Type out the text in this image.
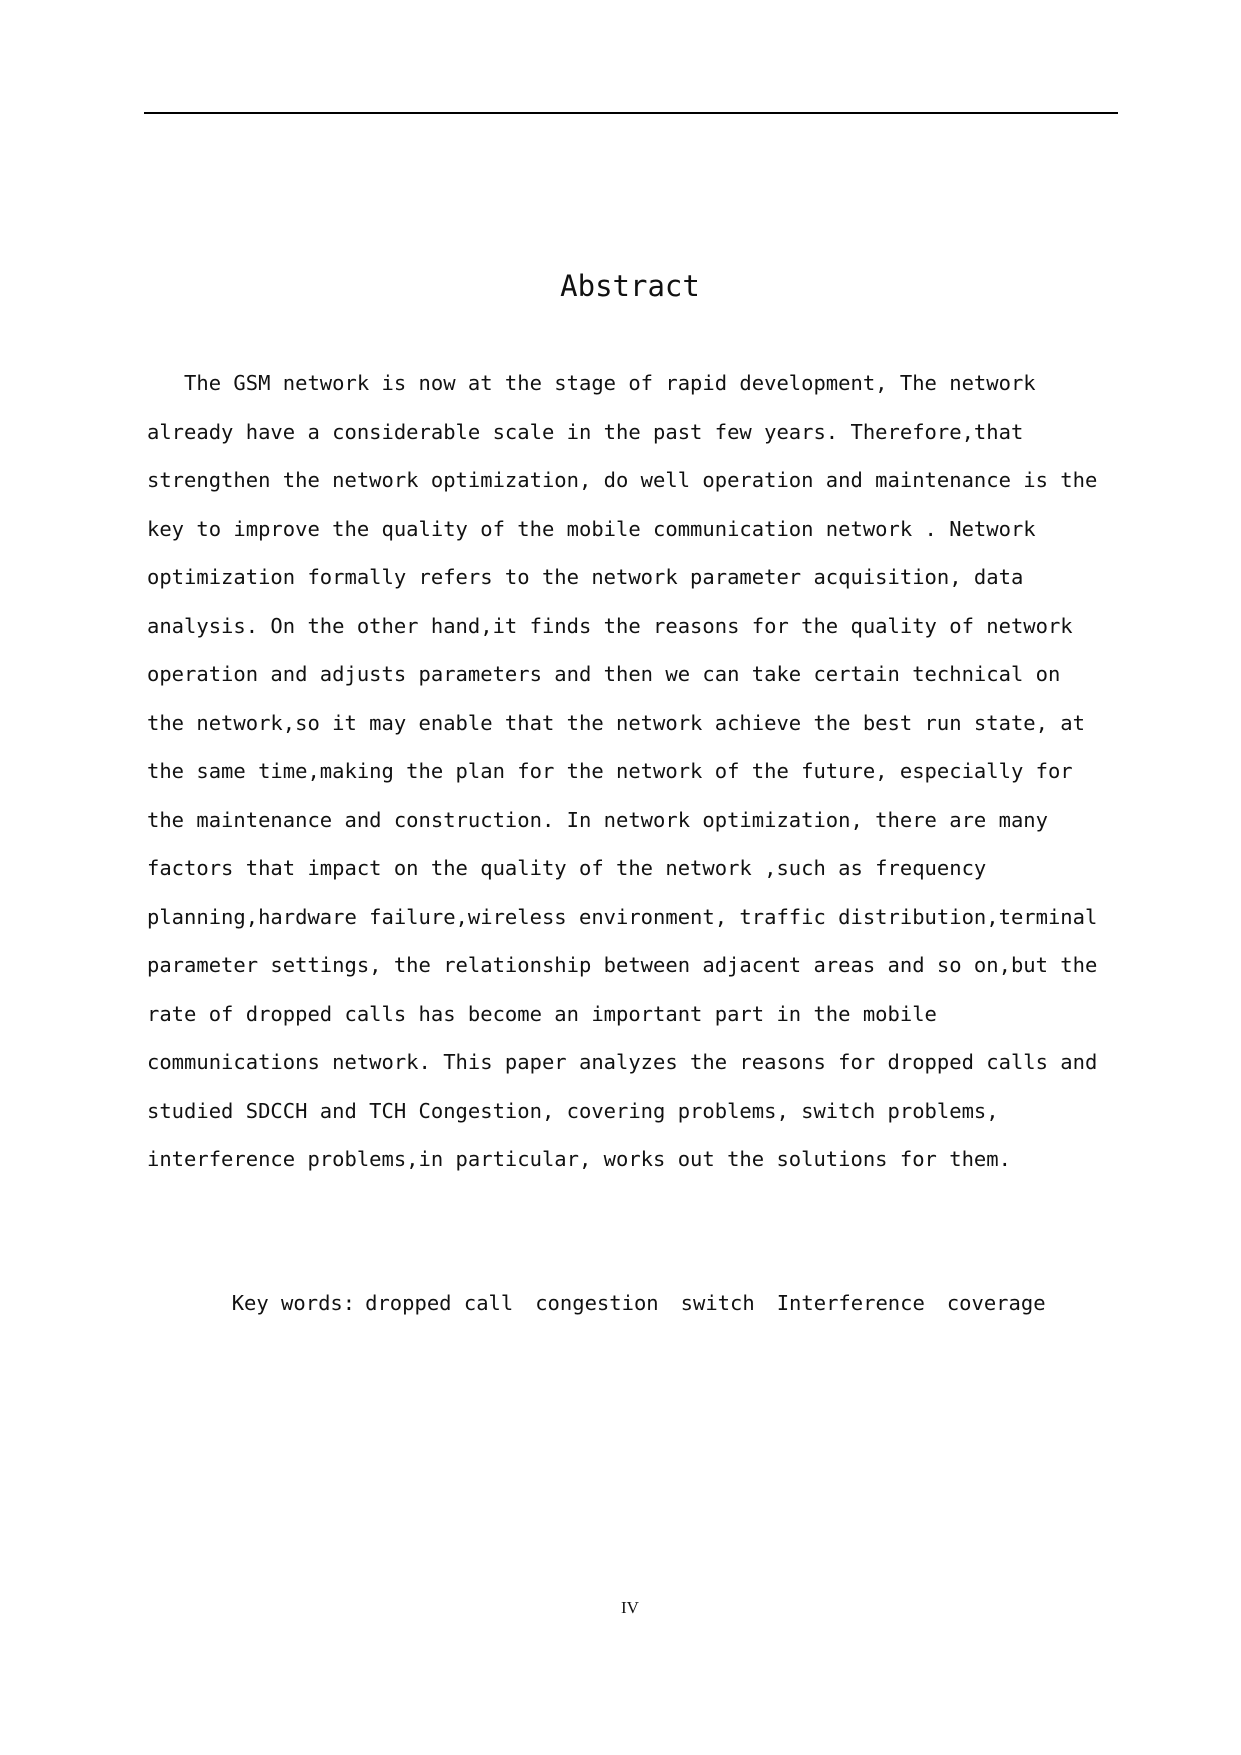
Abstract
The GSM network is now at the stage of rapid development, The network
already have a considerable scale in the past few years. Therefore,that
strengthen the network optimization, do well operation and maintenance is the
key to improve the quality of the mobile communication network . Network
optimization formally refers to the network parameter acquisition, data
analysis. On the other hand,it finds the reasons for the quality of network
operation and adjusts parameters and then we can take certain technical on
the network,so it may enable that the network achieve the best run state, at
the same time,making the plan for the network of the future, especially for
the maintenance and construction. In network optimization, there are many
factors that impact on the quality of the network ,such as frequency
planning,hardware failure,wireless environment, traffic distribution,terminal
parameter settings, the relationship between adjacent areas and so on,but the
rate of dropped calls has become an important part in the mobile
communications network. This paper analyzes the reasons for dropped calls and
studied SDCCH and TCH Congestion, covering problems, switch problems,
interference problems,in particular, works out the solutions for them.

Key words: dropped call congestion switch Interference coverage

IV
